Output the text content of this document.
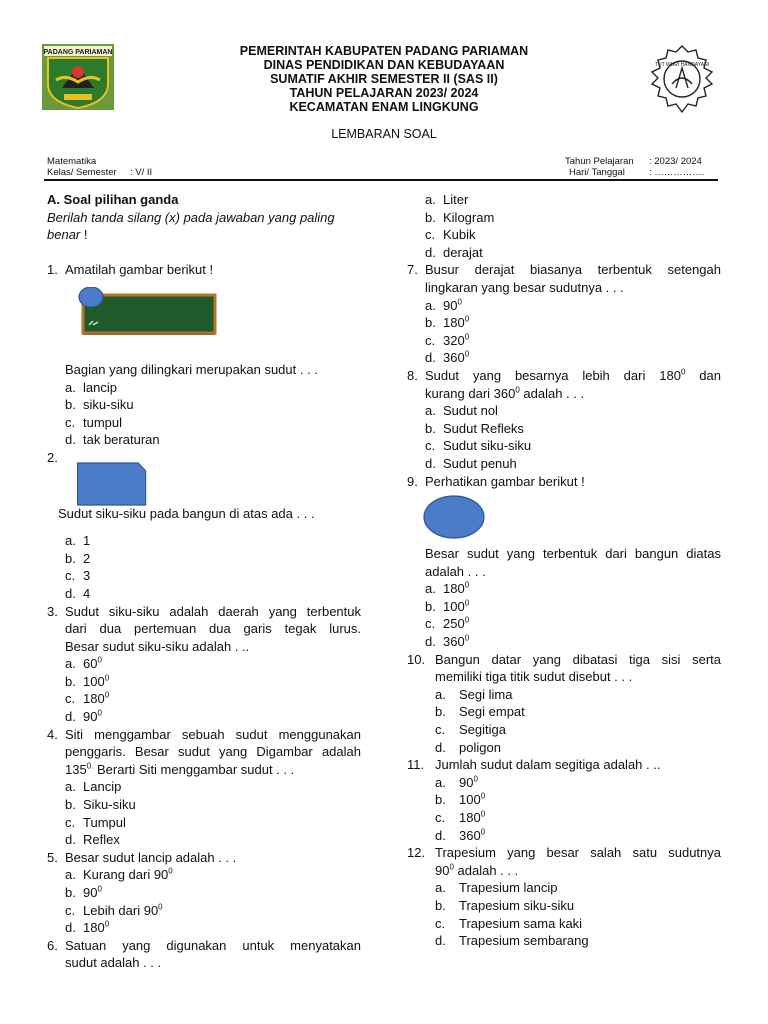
PADANG PARIAMAN	PEMERINTAH KABUPATEN PADANG PARIAMAN
DINAS PENDIDIKAN DAN KEBUDAYAAN
SUMATIF AKHIR SEMESTER II (SAS II)
TAHUN PELAJARAN 2023/ 2024
KECAMATAN ENAM LINGKUNG
TUT WURI HANDAYANI
LEMBARAN SOAL
Matematika
Kelas/ Semester : V/ II
Tahun Pelajaran : 2023/ 2024
Hari/ Tanggal	: …………….

A. Soal pilihan ganda

Berilah tanda silang (x) pada jawaban yang paling

benar !

1. Amatilah gambar berikut !

Bagian yang dilingkari merupakan sudut . . .

a. lancip

b. siku-siku

c. tumpul

d. tak beraturan

2.

Sudut siku-siku pada bangun di atas ada . . .

a. 1

b. 2

c. 3

d. 4

3. Sudut siku-siku adalah daerah yang terbentuk

dari dua pertemuan dua garis tegak lurus.

Besar sudut siku-siku adalah . ..

a. $60^0$

b. $100^0$

c. $180^0$

d. $90^0$

4. Siti menggambar sebuah sudut menggunakan

penggaris. Besar sudut yang Digambar adalah

$135^{0.}$ Berarti Siti menggambar sudut . . .

a. Lancip

b. Siku-siku

c. Tumpul

d. Reflex

5. Besar sudut lancip adalah . . .

a. Kurang dari $90^0$

b. $90^0$

c. Lebih dari $90^0$

d. $180^0$

6. Satuan yang digunakan untuk menyatakan

sudut adalah . . .

a. Liter

b. Kilogram

c. Kubik

d. derajat

7. Busur derajat biasanya terbentuk setengah

lingkaran yang besar sudutnya . . .

a. $90^0$

b. $180^0$

c. $320^0$

d. $360^0$

8. Sudut yang besarnya lebih dari $180^0$ dan

kurang dari $360^0$ adalah . . .

a. Sudut nol

b. Sudut Refleks

c. Sudut siku-siku

d. Sudut penuh

9. Perhatikan gambar berikut !

Besar sudut yang terbentuk dari bangun diatas

adalah . . .

a. $180^0$

b. $100^0$

c. $250^0$

d. $360^0$

10. Bangun datar yang dibatasi tiga sisi serta

memiliki tiga titik sudut disebut . . .

a. Segi lima

b. Segi empat

c. Segitiga

d. poligon

11. Jumlah sudut dalam segitiga adalah . ..

a. $90^0$

b. $100^0$

c. $180^0$

d. $360^0$

12. Trapesium yang besar salah satu sudutnya

$90^0$ adalah . . .

a. Trapesium lancip

b. Trapesium siku-siku

c. Trapesium sama kaki

d. Trapesium sembarang
